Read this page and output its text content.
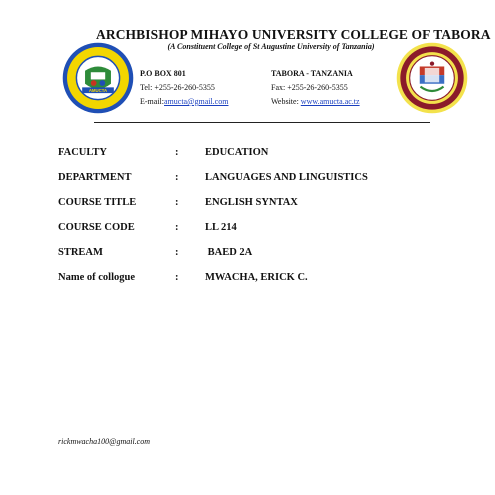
ARCHBISHOP MIHAYO UNIVERSITY COLLEGE OF TABORA
(A Constituent College of St Augustine University of Tanzania)
AMUCTA
P.O BOX 801	TABORA - TANZANIA
Tel: +255-26-260-5355	Fax: +255-26-260-5355
E-mail:amucta@gmail.com	Website: www.amucta.ac.tz
FACULTY	:	EDUCATION
DEPARTMENT	:	LANGUAGES AND LINGUISTICS
COURSE TITLE	:	ENGLISH SYNTAX
COURSE CODE	:	LL 214
STREAM	:	BAED 2A
Name of collogue	:	MWACHA, ERICK C.
rickmwacha100@gmail.com
